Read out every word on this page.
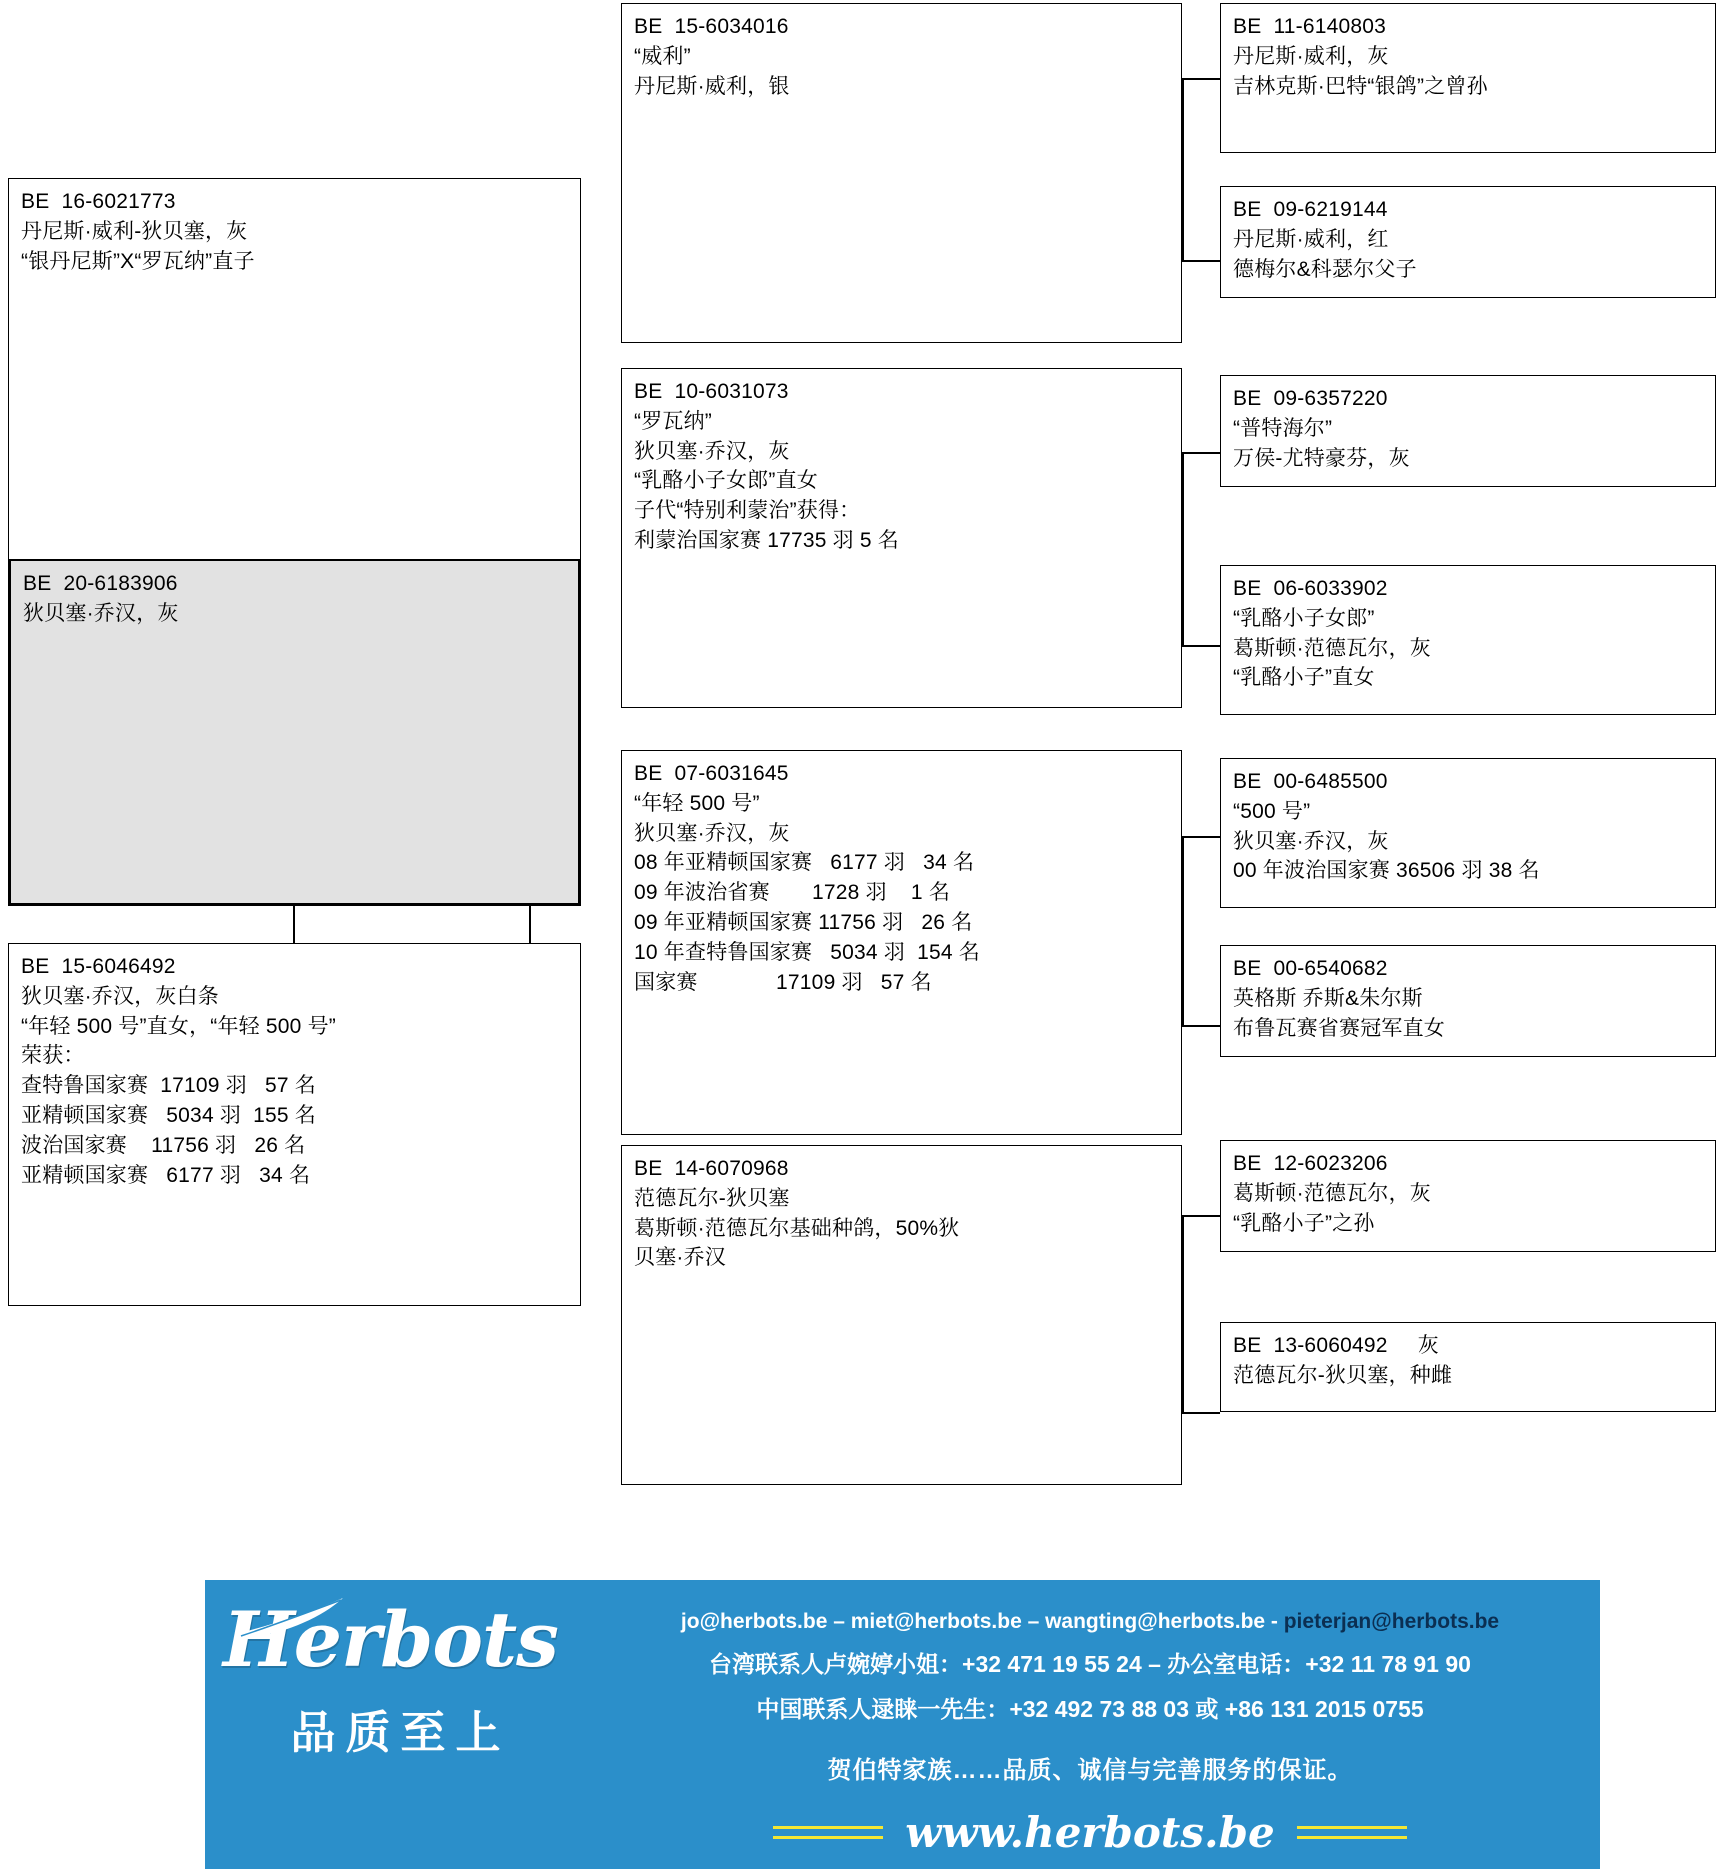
BE  20-6183906
狄贝塞·乔汉，灰
BE  16-6021773
丹尼斯·威利-狄贝塞，灰
“银丹尼斯”X“罗瓦纳”直子
BE  15-6046492
狄贝塞·乔汉，灰白条
“年轻 500 号”直女，“年轻 500 号”
荣获：
查特鲁国家赛  17109 羽   57 名
亚精顿国家赛   5034 羽  155 名
波治国家赛    11756 羽   26 名
亚精顿国家赛   6177 羽   34 名
BE  15-6034016
“威利”
丹尼斯·威利，银
BE  10-6031073
“罗瓦纳”
狄贝塞·乔汉，灰
“乳酪小子女郎”直女
子代“特别利蒙治”获得：
利蒙治国家赛 17735 羽 5 名
BE  07-6031645
“年轻 500 号”
狄贝塞·乔汉，灰
08 年亚精顿国家赛   6177 羽   34 名
09 年波治省赛       1728 羽    1 名
09 年亚精顿国家赛 11756 羽   26 名
10 年查特鲁国家赛   5034 羽  154 名
国家赛             17109 羽   57 名
BE  14-6070968
范德瓦尔-狄贝塞
葛斯顿·范德瓦尔基础种鸽，50%狄
贝塞·乔汉
BE  11-6140803
丹尼斯·威利，灰
吉林克斯·巴特“银鸽”之曾孙
BE  09-6219144
丹尼斯·威利，红
德梅尔&科瑟尔父子
BE  09-6357220
“普特海尔”
万侯-尤特豪芬，灰
BE  06-6033902
“乳酪小子女郎”
葛斯顿·范德瓦尔，灰
“乳酪小子”直女
BE  00-6485500
“500 号”
狄贝塞·乔汉，灰
00 年波治国家赛 36506 羽 38 名
BE  00-6540682
英格斯 乔斯&朱尔斯
布鲁瓦赛省赛冠军直女
BE  12-6023206
葛斯顿·范德瓦尔，灰
“乳酪小子”之孙
BE  13-6060492     灰
范德瓦尔-狄贝塞，种雌
Herbots
品质至上
jo@herbots.be – miet@herbots.be – wangting@herbots.be - pieterjan@herbots.be
台湾联系人卢婉婷小姐：+32 471 19 55 24 – 办公室电话：+32 11 78 91 90
中国联系人逯睐一先生：+32 492 73 88 03 或 +86 131 2015 0755
贺伯特家族……品质、诚信与完善服务的保证。
www.herbots.be
